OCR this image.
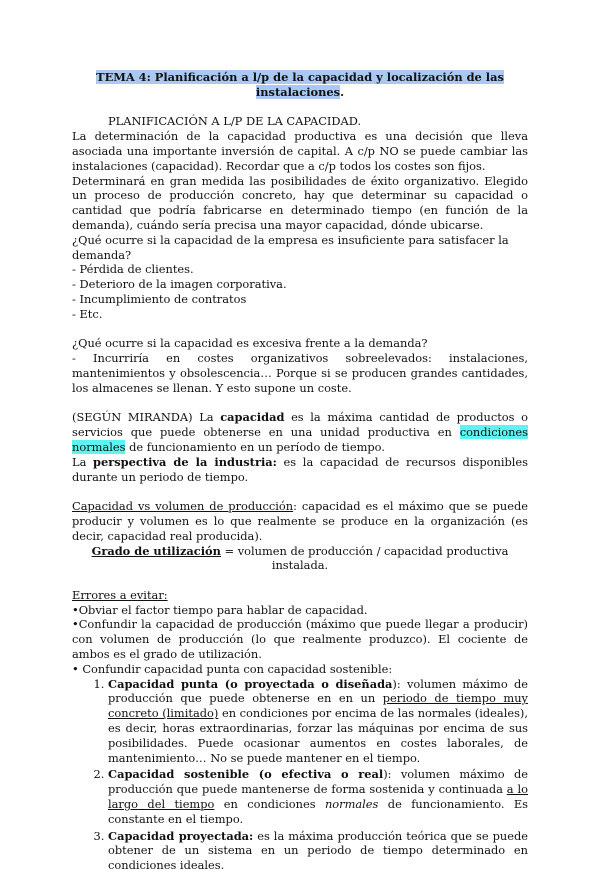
TEMA 4: Planificación a l/p de la capacidad y localización de las instalaciones.

PLANIFICACIÓN A L/P DE LA CAPACIDAD.

La determinación de la capacidad productiva es una decisión que lleva asociada una importante inversión de capital. A c/p NO se puede cambiar las instalaciones (capacidad). Recordar que a c/p todos los costes son fijos.

Determinará en gran medida las posibilidades de éxito organizativo. Elegido un proceso de producción concreto, hay que determinar su capacidad o cantidad que podría fabricarse en determinado tiempo (en función de la demanda), cuándo sería precisa una mayor capacidad, dónde ubicarse.

¿Qué ocurre si la capacidad de la empresa es insuficiente para satisfacer la demanda?

- Pérdida de clientes.

- Deterioro de la imagen corporativa.

- Incumplimiento de contratos

- Etc.

¿Qué ocurre si la capacidad es excesiva frente a la demanda?

- Incurriría en costes organizativos sobreelevados: instalaciones, mantenimientos y obsolescencia… Porque si se producen grandes cantidades, los almacenes se llenan. Y esto supone un coste.

(SEGÚN MIRANDA) La capacidad es la máxima cantidad de productos o servicios que puede obtenerse en una unidad productiva en condiciones normales de funcionamiento en un período de tiempo.

La perspectiva de la industria: es la capacidad de recursos disponibles durante un periodo de tiempo.

Capacidad vs volumen de producción: capacidad es el máximo que se puede producir y volumen es lo que realmente se produce en la organización (es decir, capacidad real producida).

Grado de utilización = volumen de producción / capacidad productiva instalada.

Errores a evitar:

•Obviar el factor tiempo para hablar de capacidad.

•Confundir la capacidad de producción (máximo que puede llegar a producir) con volumen de producción (lo que realmente produzco). El cociente de ambos es el grado de utilización.

• Confundir capacidad punta con capacidad sostenible:

1. Capacidad punta (o proyectada o diseñada): volumen máximo de producción que puede obtenerse en en un periodo de tiempo muy concreto (limitado) en condiciones por encima de las normales (ideales), es decir, horas extraordinarias, forzar las máquinas por encima de sus posibilidades. Puede ocasionar aumentos en costes laborales, de mantenimiento… No se puede mantener en el tiempo.
2. Capacidad sostenible (o efectiva o real): volumen máximo de producción que puede mantenerse de forma sostenida y continuada a lo largo del tiempo en condiciones normales de funcionamiento. Es constante en el tiempo.
3. Capacidad proyectada: es la máxima producción teórica que se puede obtener de un sistema en un periodo de tiempo determinado en condiciones ideales.
